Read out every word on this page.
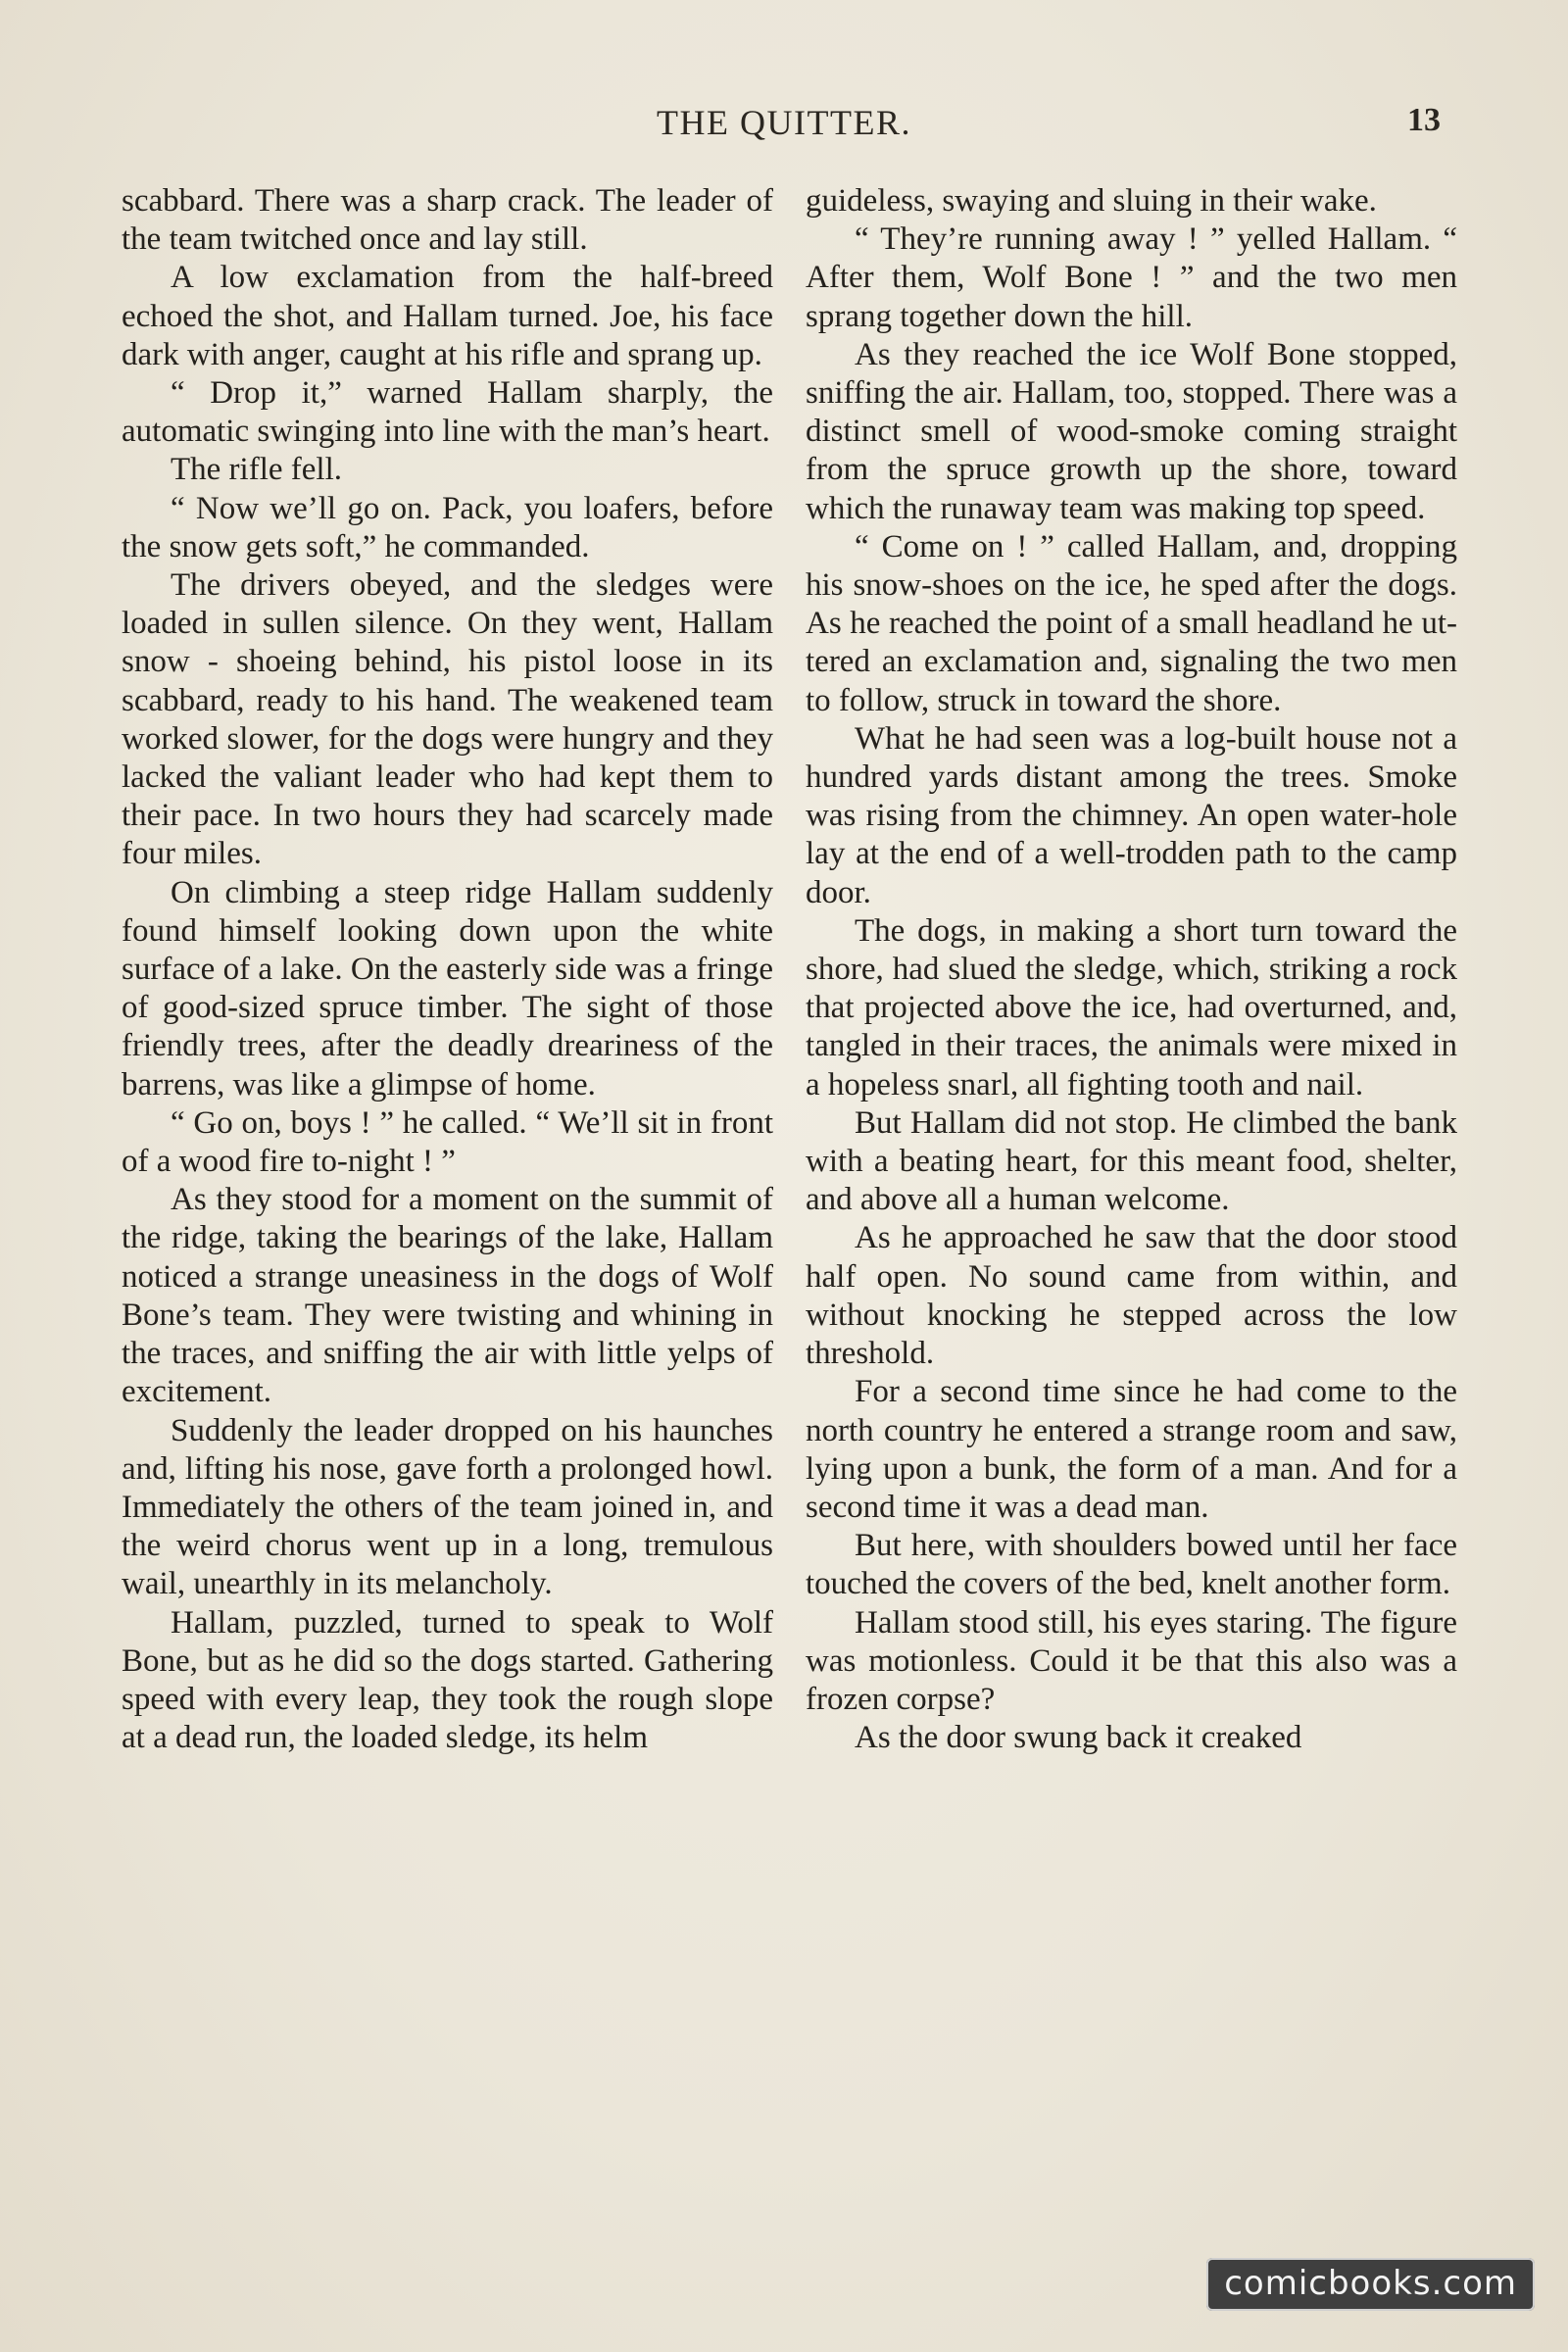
THE QUITTER.	13

scabbard. There was a sharp crack. The leader of the team twitched once and lay still.

A low exclamation from the half-breed echoed the shot, and Hallam turned. Joe, his face dark with anger, caught at his rifle and sprang up.

“ Drop it,” warned Hallam sharply, the automatic swinging into line with the man’s heart.

The rifle fell.

“ Now we’ll go on. Pack, you loafers, before the snow gets soft,” he commanded.

The drivers obeyed, and the sledges were loaded in sullen silence. On they went, Hallam snow - shoeing behind, his pistol loose in its scabbard, ready to his hand. The weakened team worked slower, for the dogs were hungry and they lacked the valiant leader who had kept them to their pace. In two hours they had scarcely made four miles.

On climbing a steep ridge Hallam suddenly found himself looking down upon the white surface of a lake. On the easterly side was a fringe of good-sized spruce timber. The sight of those friendly trees, after the deadly dreariness of the barrens, was like a glimpse of home.

“ Go on, boys ! ” he called. “ We’ll sit in front of a wood fire to-night ! ”

As they stood for a moment on the summit of the ridge, taking the bearings of the lake, Hallam noticed a strange uneasiness in the dogs of Wolf Bone’s team. They were twisting and whining in the traces, and sniffing the air with little yelps of excitement.

Suddenly the leader dropped on his haunches and, lifting his nose, gave forth a prolonged howl. Immediately the others of the team joined in, and the weird chorus went up in a long, tremulous wail, unearthly in its melancholy.

Hallam, puzzled, turned to speak to Wolf Bone, but as he did so the dogs started. Gathering speed with every leap, they took the rough slope at a dead run, the loaded sledge, its helm

guideless, swaying and sluing in their wake.

“ They’re running away ! ” yelled Hallam. “ After them, Wolf Bone ! ” and the two men sprang together down the hill.

As they reached the ice Wolf Bone stopped, sniffing the air. Hallam, too, stopped. There was a distinct smell of wood-smoke coming straight from the spruce growth up the shore, toward which the runaway team was making top speed.

“ Come on ! ” called Hallam, and, dropping his snow-shoes on the ice, he sped after the dogs. As he reached the point of a small headland he uttered an exclamation and, signaling the two men to follow, struck in toward the shore.

What he had seen was a log-built house not a hundred yards distant among the trees. Smoke was rising from the chimney. An open water-hole lay at the end of a well-trodden path to the camp door.

The dogs, in making a short turn toward the shore, had slued the sledge, which, striking a rock that projected above the ice, had overturned, and, tangled in their traces, the animals were mixed in a hopeless snarl, all fighting tooth and nail.

But Hallam did not stop. He climbed the bank with a beating heart, for this meant food, shelter, and above all a human welcome.

As he approached he saw that the door stood half open. No sound came from within, and without knocking he stepped across the low threshold.

For a second time since he had come to the north country he entered a strange room and saw, lying upon a bunk, the form of a man. And for a second time it was a dead man.

But here, with shoulders bowed until her face touched the covers of the bed, knelt another form.

Hallam stood still, his eyes staring. The figure was motionless. Could it be that this also was a frozen corpse?

As the door swung back it creaked

comicbooks.com
